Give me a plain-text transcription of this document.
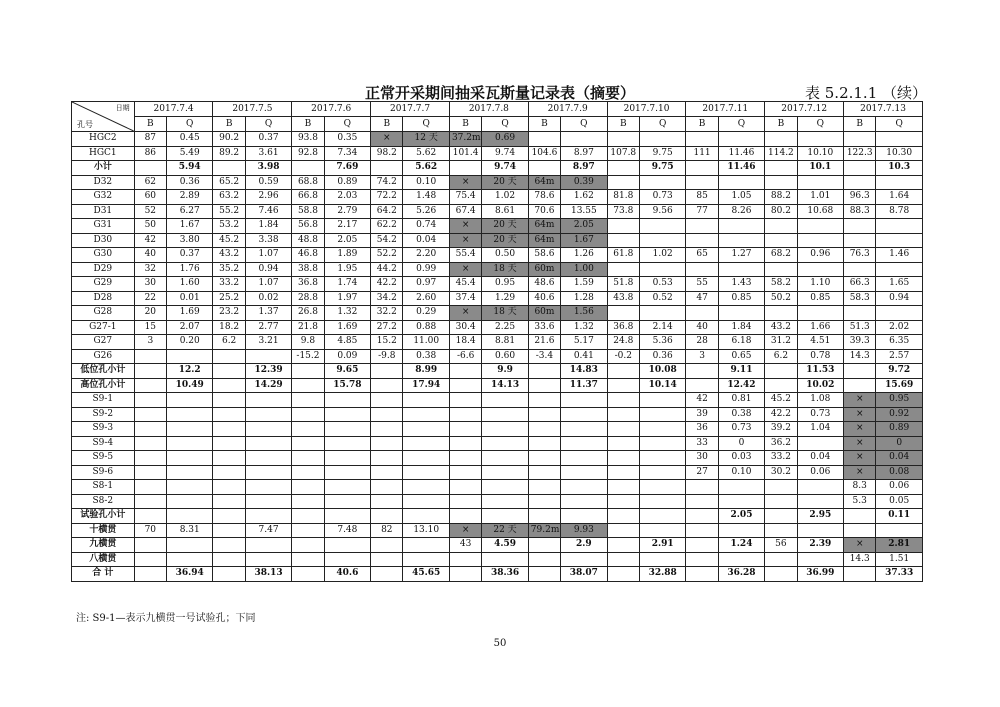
正常开采期间抽采瓦斯量记录表（摘要）	表 5.2.1.1 （续）
日期
孔号	2017.7.4		2017.7.5		2017.7.6		2017.7.7		2017.7.8		2017.7.9		2017.7.10		2017.7.11		2017.7.12		2017.7.13	
	B	Q	B	Q	B	Q	B	Q	B	Q	B	Q	B	Q	B	Q	B	Q	B	Q
HGC2	87	0.45	90.2	0.37	93.8	0.35	×	12 天	37.2m	0.69										
HGC1	86	5.49	89.2	3.61	92.8	7.34	98.2	5.62	101.4	9.74	104.6	8.97	107.8	9.75	111	11.46	114.2	10.10	122.3	10.30
小计		5.94		3.98		7.69		5.62		9.74		8.97		9.75		11.46		10.1		10.3
D32	62	0.36	65.2	0.59	68.8	0.89	74.2	0.10	×	20 天	64m	0.39								
G32	60	2.89	63.2	2.96	66.8	2.03	72.2	1.48	75.4	1.02	78.6	1.62	81.8	0.73	85	1.05	88.2	1.01	96.3	1.64
D31	52	6.27	55.2	7.46	58.8	2.79	64.2	5.26	67.4	8.61	70.6	13.55	73.8	9.56	77	8.26	80.2	10.68	88.3	8.78
G31	50	1.67	53.2	1.84	56.8	2.17	62.2	0.74	×	20 天	64m	2.05								
D30	42	3.80	45.2	3.38	48.8	2.05	54.2	0.04	×	20 天	64m	1.67								
G30	40	0.37	43.2	1.07	46.8	1.89	52.2	2.20	55.4	0.50	58.6	1.26	61.8	1.02	65	1.27	68.2	0.96	76.3	1.46
D29	32	1.76	35.2	0.94	38.8	1.95	44.2	0.99	×	18 天	60m	1.00								
G29	30	1.60	33.2	1.07	36.8	1.74	42.2	0.97	45.4	0.95	48.6	1.59	51.8	0.53	55	1.43	58.2	1.10	66.3	1.65
D28	22	0.01	25.2	0.02	28.8	1.97	34.2	2.60	37.4	1.29	40.6	1.28	43.8	0.52	47	0.85	50.2	0.85	58.3	0.94
G28	20	1.69	23.2	1.37	26.8	1.32	32.2	0.29	×	18 天	60m	1.56								
G27-1	15	2.07	18.2	2.77	21.8	1.69	27.2	0.88	30.4	2.25	33.6	1.32	36.8	2.14	40	1.84	43.2	1.66	51.3	2.02
G27	3	0.20	6.2	3.21	9.8	4.85	15.2	11.00	18.4	8.81	21.6	5.17	24.8	5.36	28	6.18	31.2	4.51	39.3	6.35
G26					-15.2	0.09	-9.8	0.38	-6.6	0.60	-3.4	0.41	-0.2	0.36	3	0.65	6.2	0.78	14.3	2.57
低位孔小计		12.2		12.39		9.65		8.99		9.9		14.83		10.08		9.11		11.53		9.72
高位孔小计		10.49		14.29		15.78		17.94		14.13		11.37		10.14		12.42		10.02		15.69
S9-1															42	0.81	45.2	1.08	×	0.95
S9-2															39	0.38	42.2	0.73	×	0.92
S9-3															36	0.73	39.2	1.04	×	0.89
S9-4															33	0	36.2		×	0
S9-5															30	0.03	33.2	0.04	×	0.04
S9-6															27	0.10	30.2	0.06	×	0.08
S8-1																			8.3	0.06
S8-2																			5.3	0.05
试验孔小计																2.05		2.95		0.11
十横贯	70	8.31		7.47		7.48	82	13.10	×	22 天	79.2m	9.93								
九横贯									43	4.59		2.9		2.91		1.24	56	2.39	×	2.81
八横贯																			14.3	1.51
合 计		36.94		38.13		40.6		45.65		38.36		38.07		32.88		36.28		36.99		37.33
注: S9-1—表示九横贯一号试验孔；下同
50
